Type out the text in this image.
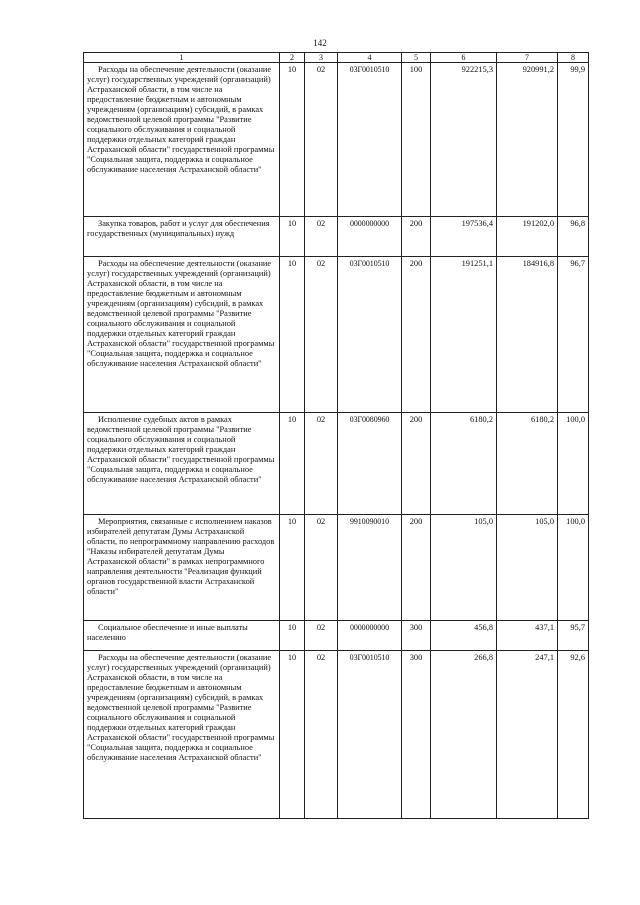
142
1	2	3	4	5	6	7	8
Расходы на обеспечение деятельности (оказание услуг) государственных учреждений (организаций) Астраханской области, в том числе на предоставление бюджетным и автономным учреждениям (организациям) субсидий, в рамках ведомственной целевой программы "Развитие социального обслуживания и социальной поддержки отдельных категорий граждан Астраханской области" государственной программы "Социальная защита, поддержка и социальное обслуживание населения Астраханской области"	10	02	03Г0010510	100	922215,3	920991,2	99,9
Закупка товаров, работ и услуг для обеспечения государственных (муниципальных) нужд	10	02	0000000000	200	197536,4	191202,0	96,8
Расходы на обеспечение деятельности (оказание услуг) государственных учреждений (организаций) Астраханской области, в том числе на предоставление бюджетным и автономным учреждениям (организациям) субсидий, в рамках ведомственной целевой программы "Развитие социального обслуживания и социальной поддержки отдельных категорий граждан Астраханской области" государственной программы "Социальная защита, поддержка и социальное обслуживание населения Астраханской области"	10	02	03Г0010510	200	191251,1	184916,8	96,7
Исполнение судебных актов в рамках ведомственной целевой программы "Развитие социального обслуживания и социальной поддержки отдельных категорий граждан Астраханской области" государственной программы "Социальная защита, поддержка и социальное обслуживание населения Астраханской области"	10	02	03Г0080960	200	6180,2	6180,2	100,0
Мероприятия, связанные с исполнением наказов избирателей депутатам Думы Астраханской области, по непрограммному направлению расходов "Наказы избирателей депутатам Думы Астраханской области" в рамках непрограммного направления деятельности "Реализация функций органов государственной власти Астраханской области"	10	02	9910090010	200	105,0	105,0	100,0
Социальное обеспечение и иные выплаты населению	10	02	0000000000	300	456,8	437,1	95,7
Расходы на обеспечение деятельности (оказание услуг) государственных учреждений (организаций) Астраханской области, в том числе на предоставление бюджетным и автономным учреждениям (организациям) субсидий, в рамках ведомственной целевой программы "Развитие социального обслуживания и социальной поддержки отдельных категорий граждан Астраханской области" государственной программы "Социальная защита, поддержка и социальное обслуживание населения Астраханской области"	10	02	03Г0010510	300	266,8	247,1	92,6
